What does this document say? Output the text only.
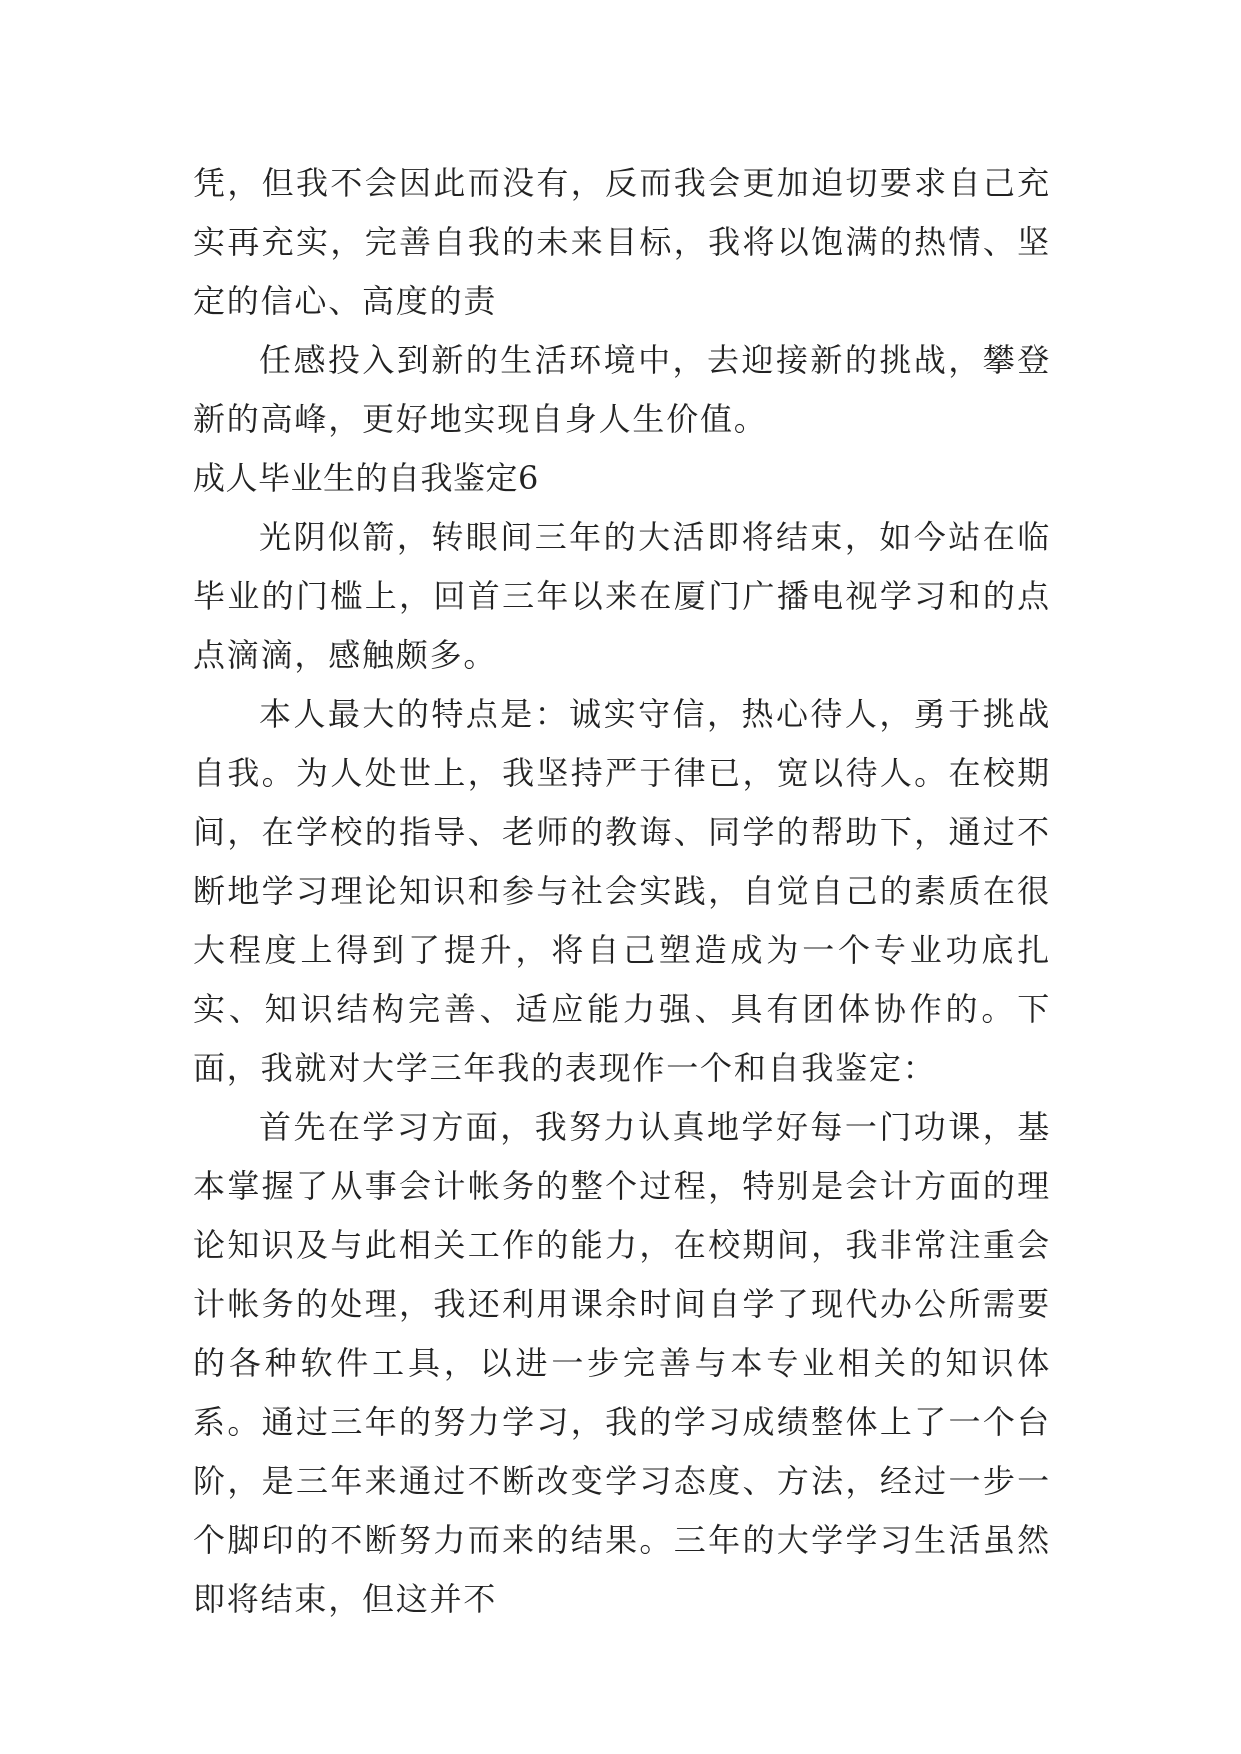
凭，但我不会因此而没有，反而我会更加迫切要求自己充实再充实，完善自我的未来目标，我将以饱满的热情、坚定的信心、高度的责

任感投入到新的生活环境中，去迎接新的挑战，攀登新的高峰，更好地实现自身人生价值。

成人毕业生的自我鉴定6

光阴似箭，转眼间三年的大活即将结束，如今站在临毕业的门槛上，回首三年以来在厦门广播电视学习和的点点滴滴，感触颇多。

本人最大的特点是：诚实守信，热心待人，勇于挑战自我。为人处世上，我坚持严于律已，宽以待人。在校期间，在学校的指导、老师的教诲、同学的帮助下，通过不断地学习理论知识和参与社会实践，自觉自己的素质在很大程度上得到了提升，将自己塑造成为一个专业功底扎实、知识结构完善、适应能力强、具有团体协作的。下面，我就对大学三年我的表现作一个和自我鉴定：

首先在学习方面，我努力认真地学好每一门功课，基本掌握了从事会计帐务的整个过程，特别是会计方面的理论知识及与此相关工作的能力，在校期间，我非常注重会计帐务的处理，我还利用课余时间自学了现代办公所需要的各种软件工具，以进一步完善与本专业相关的知识体系。通过三年的努力学习，我的学习成绩整体上了一个台阶，是三年来通过不断改变学习态度、方法，经过一步一个脚印的不断努力而来的结果。三年的大学学习生活虽然即将结束，但这并不
